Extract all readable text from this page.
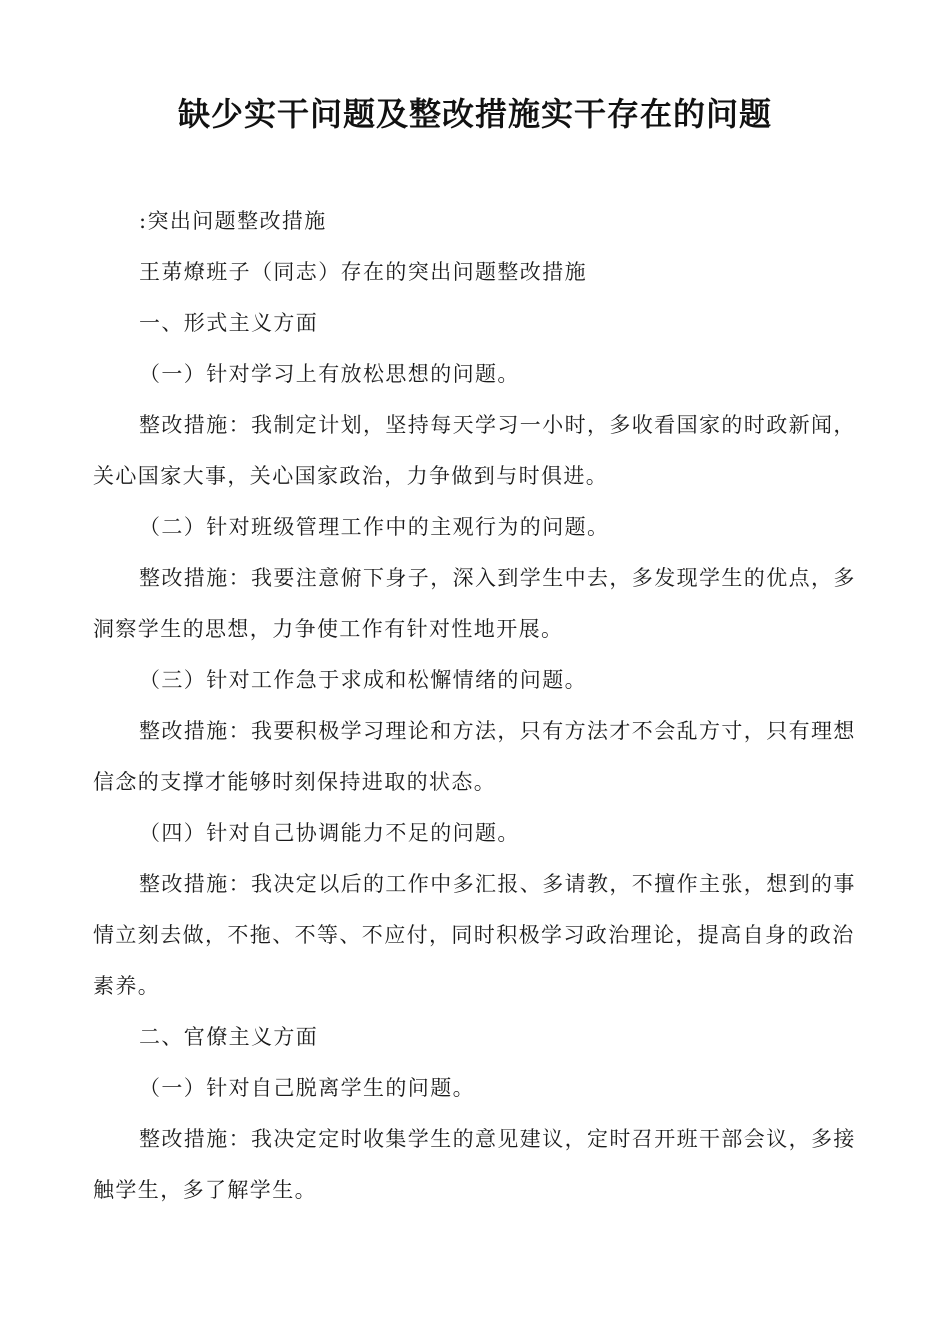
缺少实干问题及整改措施实干存在的问题

:突出问题整改措施

王苐燎班子（同志）存在的突出问题整改措施

一、形式主义方面

（一）针对学习上有放松思想的问题。

整改措施：我制定计划，坚持每天学习一小时，多收看国家的时政新闻，关心国家大事，关心国家政治，力争做到与时俱进。

（二）针对班级管理工作中的主观行为的问题。

整改措施：我要注意俯下身子，深入到学生中去，多发现学生的优点，多洞察学生的思想，力争使工作有针对性地开展。

（三）针对工作急于求成和松懈情绪的问题。

整改措施：我要积极学习理论和方法，只有方法才不会乱方寸，只有理想信念的支撑才能够时刻保持进取的状态。

（四）针对自己协调能力不足的问题。

整改措施：我决定以后的工作中多汇报、多请教，不擅作主张，想到的事情立刻去做，不拖、不等、不应付，同时积极学习政治理论，提高自身的政治素养。

二、官僚主义方面

（一）针对自己脱离学生的问题。

整改措施：我决定定时收集学生的意见建议，定时召开班干部会议，多接触学生，多了解学生。
